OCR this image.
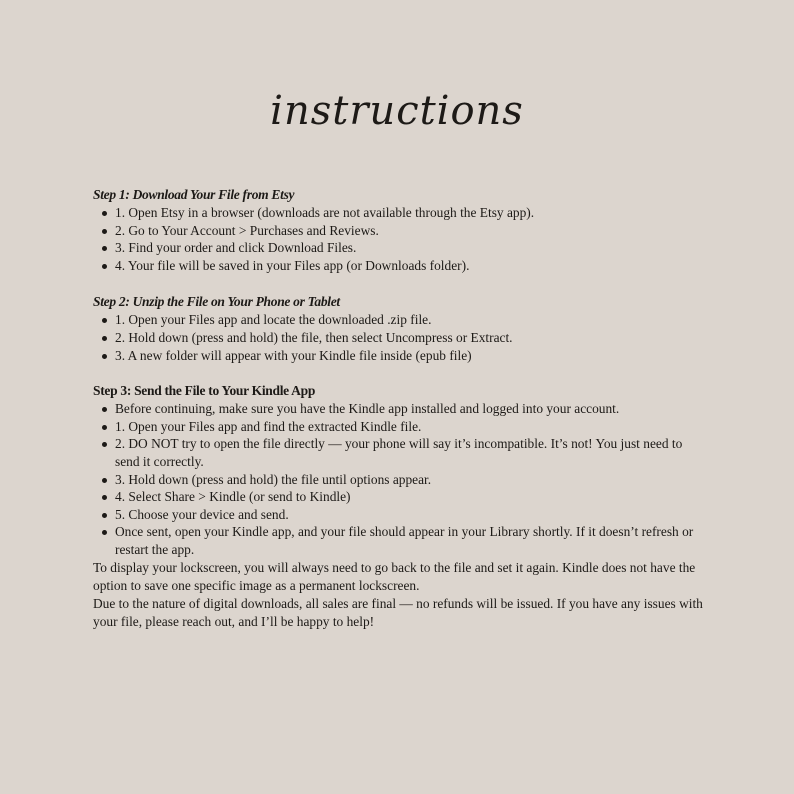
instructions
Step 1: Download Your File from Etsy
1. Open Etsy in a browser (downloads are not available through the Etsy app).
2. Go to Your Account > Purchases and Reviews.
3. Find your order and click Download Files.
4. Your file will be saved in your Files app (or Downloads folder).
Step 2: Unzip the File on Your Phone or Tablet
1. Open your Files app and locate the downloaded .zip file.
2. Hold down (press and hold) the file, then select Uncompress or Extract.
3. A new folder will appear with your Kindle file inside (epub file)
Step 3: Send the File to Your Kindle App
Before continuing, make sure you have the Kindle app installed and logged into your account.
1. Open your Files app and find the extracted Kindle file.
2. DO NOT try to open the file directly — your phone will say it’s incompatible. It’s not! You just need to send it correctly.
3. Hold down (press and hold) the file until options appear.
4. Select Share > Kindle (or send to Kindle)
5. Choose your device and send.
Once sent, open your Kindle app, and your file should appear in your Library shortly. If it doesn’t refresh or restart the app.

To display your lockscreen, you will always need to go back to the file and set it again. Kindle does not have the option to save one specific image as a permanent lockscreen.

Due to the nature of digital downloads, all sales are final — no refunds will be issued. If you have any issues with your file, please reach out, and I’ll be happy to help!
